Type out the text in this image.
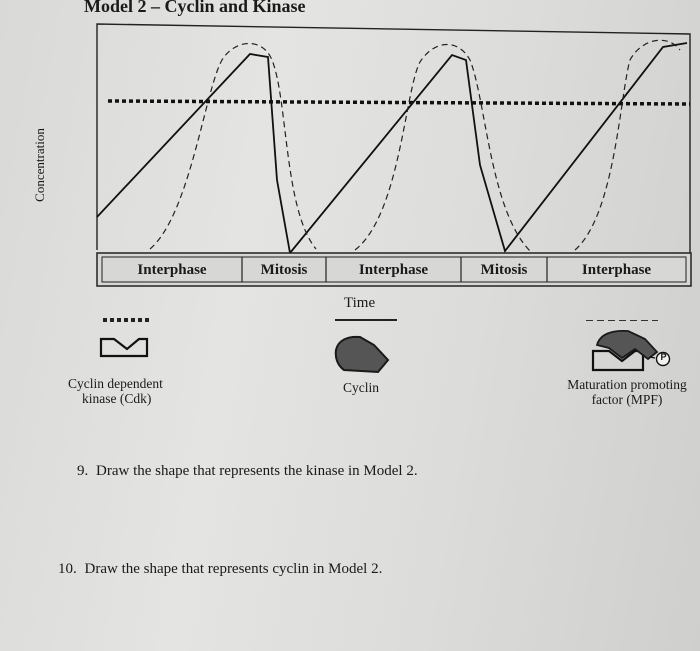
Model 2 – Cyclin and Kinase
Concentration
Interphase	Mitosis	Interphase	Mitosis	Interphase
Time
P
Cyclin dependent
kinase (Cdk)
Cyclin	Maturation promoting
factor (MPF)
9. Draw the shape that represents the kinase in Model 2.
10. Draw the shape that represents cyclin in Model 2.
